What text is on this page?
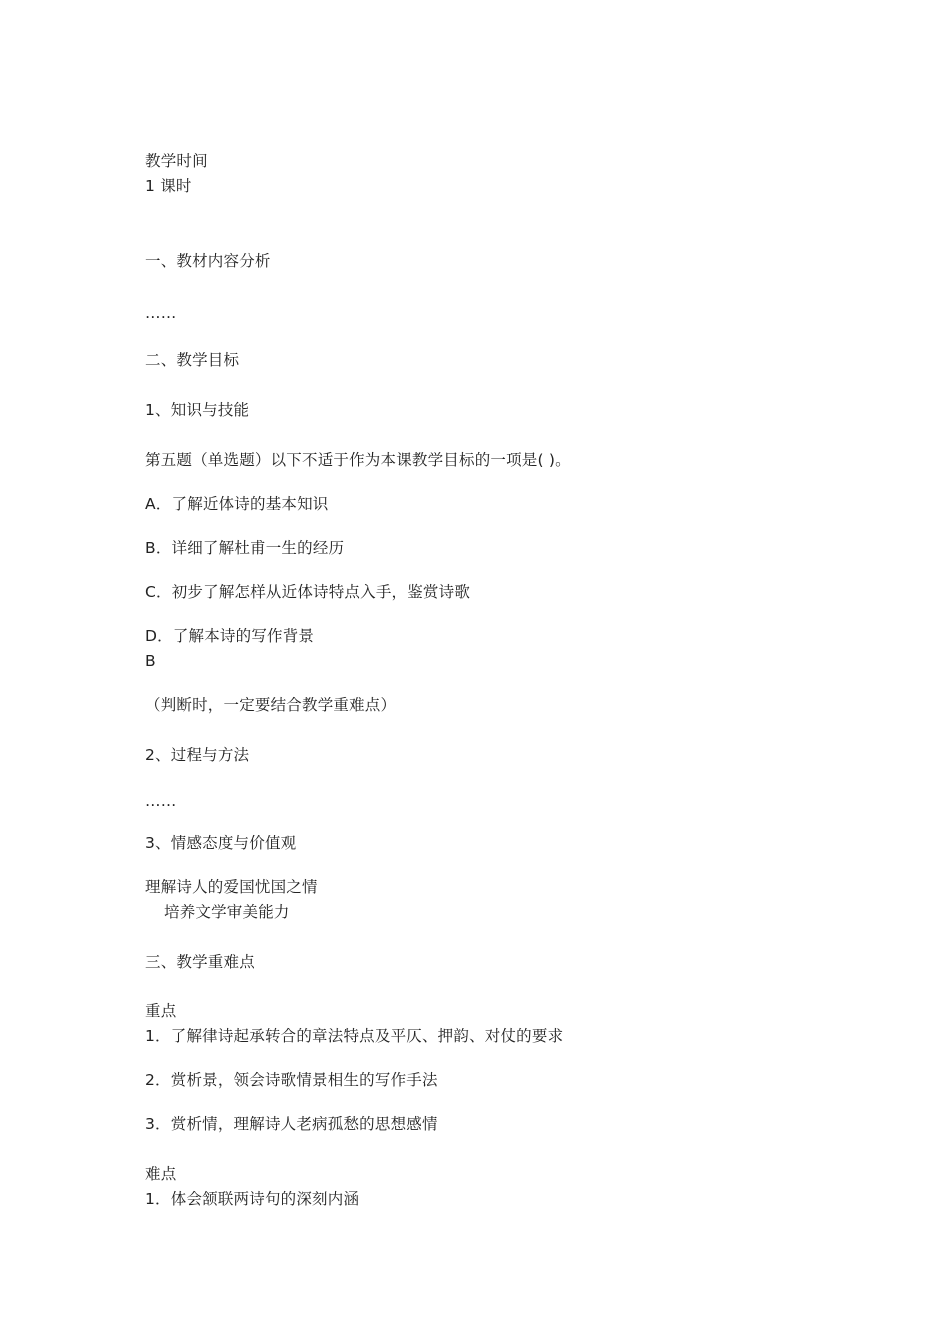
教学时间
1 课时
一、教材内容分析
……
二、教学目标
1、知识与技能
第五题（单选题）以下不适于作为本课教学目标的一项是( )。
A．了解近体诗的基本知识
B．详细了解杜甫一生的经历
C．初步了解怎样从近体诗特点入手，鉴赏诗歌
D．了解本诗的写作背景
B
（判断时，一定要结合教学重难点）
2、过程与方法
……
3、情感态度与价值观
理解诗人的爱国忧国之情
培养文学审美能力
三、教学重难点
重点
1．了解律诗起承转合的章法特点及平仄、押韵、对仗的要求
2．赏析景，领会诗歌情景相生的写作手法
3．赏析情，理解诗人老病孤愁的思想感情
难点
1．体会颔联两诗句的深刻内涵
